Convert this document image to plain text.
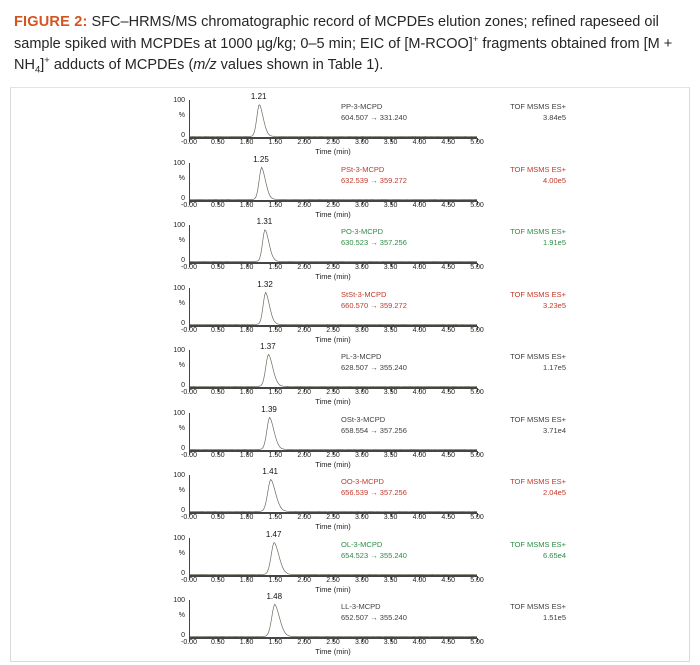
FIGURE 2: SFC–HRMS/MS chromatographic record of MCPDEs elution zones; refined rapeseed oil sample spiked with MCPDEs at 1000 µg/kg; 0–5 min; EIC of [M-RCOO]+ fragments obtained from $[M + NH_4]^+$ adducts of MCPDEs (m/z values shown in Table 1).
100
%
0
1.21
-0.00 0.50 1.00 1.50 2.00 2.50 3.00 3.50 4.00 4.50 5.00
Time (min)
PP-3-MCPD
604.507 → 331.240
TOF MSMS ES+
3.84e5
100
%
0
1.25
-0.00 0.50 1.00 1.50 2.00 2.50 3.00 3.50 4.00 4.50 5.00
Time (min)
PSt-3-MCPD
632.539 → 359.272
TOF MSMS ES+
4.00e5
100
%
0
1.31
-0.00 0.50 1.00 1.50 2.00 2.50 3.00 3.50 4.00 4.50 5.00
Time (min)
PO-3-MCPD
630.523 → 357.256
TOF MSMS ES+
1.91e5
100
%
0
1.32
-0.00 0.50 1.00 1.50 2.00 2.50 3.00 3.50 4.00 4.50 5.00
Time (min)
StSt-3-MCPD
660.570 → 359.272
TOF MSMS ES+
3.23e5
100
%
0
1.37
-0.00 0.50 1.00 1.50 2.00 2.50 3.00 3.50 4.00 4.50 5.00
Time (min)
PL-3-MCPD
628.507 → 355.240
TOF MSMS ES+
1.17e5
100
%
0
1.39
-0.00 0.50 1.00 1.50 2.00 2.50 3.00 3.50 4.00 4.50 5.00
Time (min)
OSt-3-MCPD
658.554 → 357.256
TOF MSMS ES+
3.71e4
100
%
0
1.41
-0.00 0.50 1.00 1.50 2.00 2.50 3.00 3.50 4.00 4.50 5.00
Time (min)
OO-3-MCPD
656.539 → 357.256
TOF MSMS ES+
2.04e5
100
%
0
1.47
-0.00 0.50 1.00 1.50 2.00 2.50 3.00 3.50 4.00 4.50 5.00
Time (min)
OL-3-MCPD
654.523 → 355.240
TOF MSMS ES+
6.65e4
100
%
0
1.48
-0.00 0.50 1.00 1.50 2.00 2.50 3.00 3.50 4.00 4.50 5.00
Time (min)
LL-3-MCPD
652.507 → 355.240
TOF MSMS ES+
1.51e5
